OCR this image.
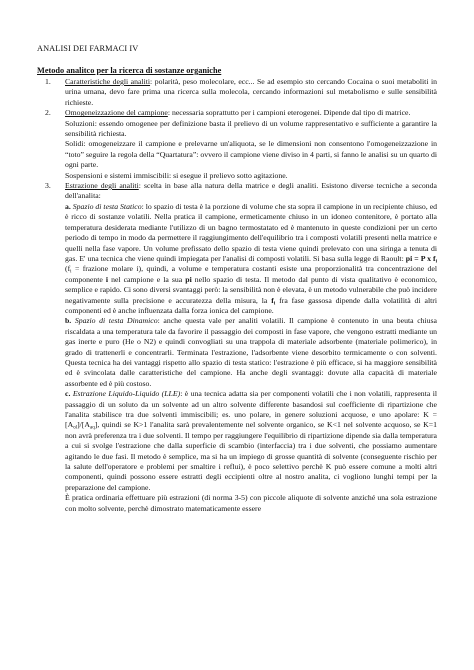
ANALISI DEI FARMACI IV
Metodo analitco per la ricerca di sostanze organiche
1. Caratteristiche degli analiti: polarità, peso molecolare, ecc... Se ad esempio sto cercando Cocaina o suoi metaboliti in urina umana, devo fare prima una ricerca sulla molecola, cercando informazioni sul metabolismo e sulle sensibilità richieste.

2. Omogeneizzazione del campione: necessaria soprattutto per i campioni eterogenei. Dipende dal tipo di matrice.

Soluzioni: essendo omogenee per definizione basta il prelievo di un volume rappresentativo e sufficiente a garantire la sensibilità richiesta.

Solidi: omogeneizzare il campione e prelevarne un'aliquota, se le dimensioni non consentono l'omogeneizzazione in “toto” seguire la regola della “Quartatura”: ovvero il campione viene diviso in 4 parti, si fanno le analisi su un quarto di ogni parte.

Sospensioni e sistemi immiscibili: si esegue il prelievo sotto agitazione.

3. Estrazione degli analiti: scelta in base alla natura della matrice e degli analiti. Esistono diverse tecniche a seconda dell'analita:

a. Spazio di testa Statico: lo spazio di testa è la porzione di volume che sta sopra il campione in un recipiente chiuso, ed è ricco di sostanze volatili. Nella pratica il campione, ermeticamente chiuso in un idoneo contenitore, è portato alla temperatura desiderata mediante l'utilizzo di un bagno termostatato ed è mantenuto in queste condizioni per un certo periodo di tempo in modo da permettere il raggiungimento dell'equilibrio tra i composti volatili presenti nella matrice e quelli nella fase vapore. Un volume prefissato dello spazio di testa viene quindi prelevato con una siringa a tenuta di gas. E' una tecnica che viene quindi impiegata per l'analisi di composti volatili. Si basa sulla legge di Raoult: pi = P x $f_i$ ($f_i$ = frazione molare i), quindi, a volume e temperatura costanti esiste una proporzionalità tra concentrazione del componente i nel campione e la sua pi nello spazio di testa. Il metodo dal punto di vista qualitativo è economico, semplice e rapido. Ci sono diversi svantaggi però: la sensibilità non è elevata, è un metodo vulnerabile che può incidere negativamente sulla precisione e accuratezza della misura, la $f_i$ fra fase gassosa dipende dalla volatilità di altri componenti ed è anche influenzata dalla forza ionica del campione.

b. Spazio di testa Dinamico: anche questa vale per analiti volatili. Il campione è contenuto in una beuta chiusa riscaldata a una temperatura tale da favorire il passaggio dei composti in fase vapore, che vengono estratti mediante un gas inerte e puro (He o N2) e quindi convogliati su una trappola di materiale adsorbente (materiale polimerico), in grado di trattenerli e concentrarli. Terminata l'estrazione, l'adsorbente viene desorbito termicamente o con solventi. Questa tecnica ha dei vantaggi rispetto allo spazio di testa statico: l'estrazione è più efficace, si ha maggiore sensibilità ed è svincolata dalle caratteristiche del campione. Ha anche degli svantaggi: dovute alla capacità di materiale assorbente ed è più costoso.

c. Estrazione Liquido-Liquido (LLE): è una tecnica adatta sia per componenti volatili che i non volatili, rappresenta il passaggio di un soluto da un solvente ad un altro solvente differente basandosi sul coefficiente di ripartizione che l'analita stabilisce tra due solventi immiscibili; es. uno polare, in genere soluzioni acquose, e uno apolare: $K = [A_{ol}]/[A_{aq}]$, quindi se K>1 l'analita sarà prevalentemente nel solvente organico, se K<1 nel solvente acquoso, se K=1 non avrà preferenza tra i due solventi. Il tempo per raggiungere l'equilibrio di ripartizione dipende sia dalla temperatura a cui si svolge l'estrazione che dalla superficie di scambio (interfaccia) tra i due solventi, che possiamo aumentare agitando le due fasi. Il metodo è semplice, ma si ha un impiego di grosse quantità di solvente (conseguente rischio per la salute dell'operatore e problemi per smaltire i reflui), è poco selettivo perchè K può essere comune a molti altri componenti, quindi possono essere estratti degli eccipienti oltre al nostro analita, ci vogliono lunghi tempi per la preparazione del campione.

È pratica ordinaria effettuare più estrazioni (di norma 3-5) con piccole aliquote di solvente anziché una sola estrazione con molto solvente, perchè dimostrato matematicamente essere
